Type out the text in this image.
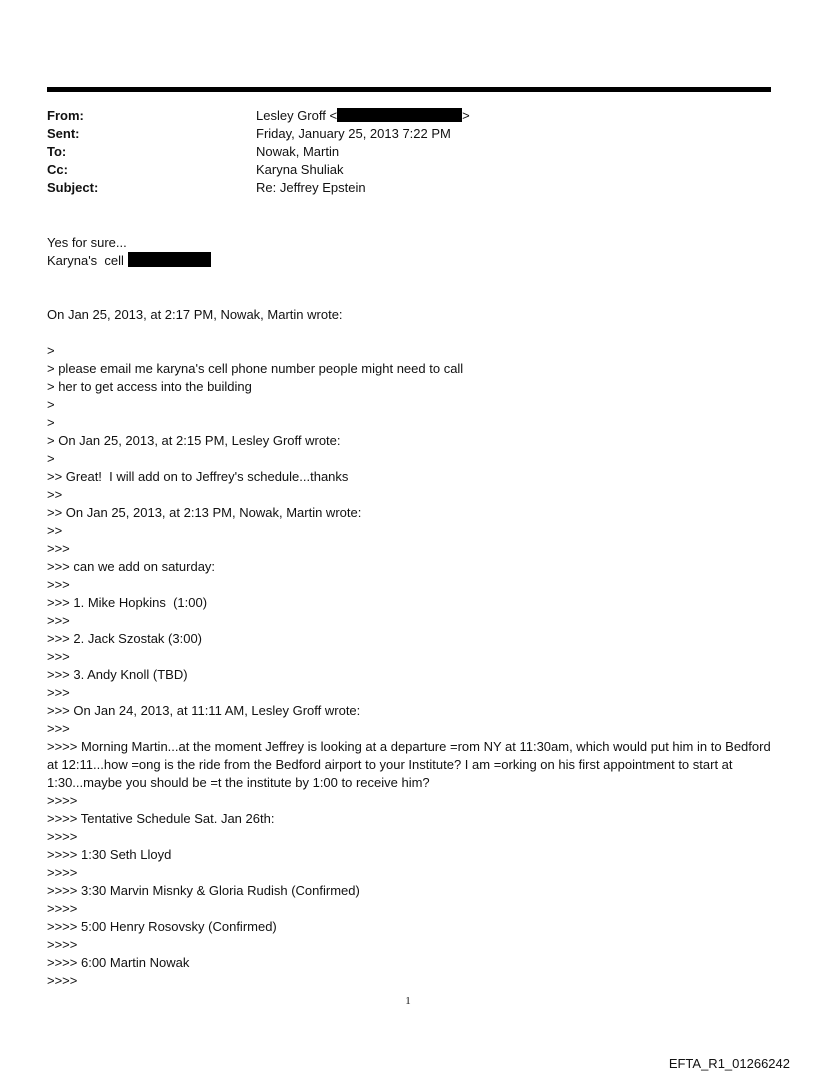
From:	Lesley Groff <	>
Sent:	Friday, January 25, 2013 7:22 PM
To:	Nowak, Martin
Cc:	Karyna Shuliak
Subject:	Re: Jeffrey Epstein
Yes for sure...
Karyna's  cell
On Jan 25, 2013, at 2:17 PM, Nowak, Martin wrote:
>
> please email me karyna's cell phone number people might need to call
> her to get access into the building
>
>
> On Jan 25, 2013, at 2:15 PM, Lesley Groff wrote:
>
>> Great!  I will add on to Jeffrey's schedule...thanks
>>
>> On Jan 25, 2013, at 2:13 PM, Nowak, Martin wrote:
>>
>>>
>>> can we add on saturday:
>>>
>>> 1. Mike Hopkins  (1:00)
>>>
>>> 2. Jack Szostak (3:00)
>>>
>>> 3. Andy Knoll (TBD)
>>>
>>> On Jan 24, 2013, at 11:11 AM, Lesley Groff wrote:
>>>
>>>> Morning Martin...at the moment Jeffrey is looking at a departure =rom NY at 11:30am, which would put him in to Bedford at 12:11...how =ong is the ride from the Bedford airport to your Institute? I am =orking on his first appointment to start at 1:30...maybe you should be =t the institute by 1:00 to receive him?
>>>>
>>>> Tentative Schedule Sat. Jan 26th:
>>>>
>>>> 1:30 Seth Lloyd
>>>>
>>>> 3:30 Marvin Misnky & Gloria Rudish (Confirmed)
>>>>
>>>> 5:00 Henry Rosovsky (Confirmed)
>>>>
>>>> 6:00 Martin Nowak
>>>>
1
EFTA_R1_01266242
